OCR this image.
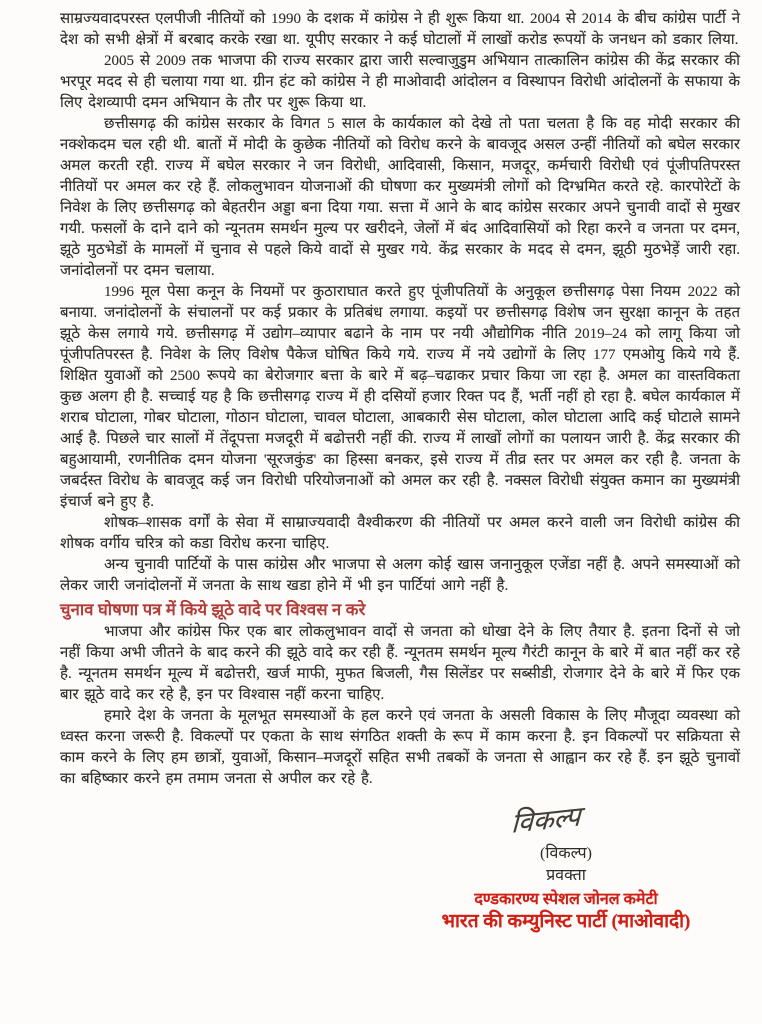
साम्रज्यवादपरस्त एलपीजी नीतियों को 1990 के दशक में कांग्रेस ने ही शुरू किया था. 2004 से 2014 के बीच कांग्रेस पार्टी ने देश को सभी क्षेत्रों में बरबाद करके रखा था. यूपीए सरकार ने कई घोटालों में लाखों करोड रूपयों के जनधन को डकार लिया.

2005 से 2009 तक भाजपा की राज्य सरकार द्वारा जारी सल्वाजुडुम अभियान तात्कालिन कांग्रेस की केंद्र सरकार की भरपूर मदद से ही चलाया गया था. ग्रीन हंट को कांग्रेस ने ही माओवादी आंदोलन व विस्थापन विरोधी आंदोलनों के सफाया के लिए देशव्यापी दमन अभियान के तौर पर शुरू किया था.

छत्तीसगढ़ की कांग्रेस सरकार के विगत 5 साल के कार्यकाल को देखे तो पता चलता है कि वह मोदी सरकार की नक्शेकदम चल रही थी. बातों में मोदी के कुछेक नीतियों को विरोध करने के बावजूद असल उन्हीं नीतियों को बघेल सरकार अमल करती रही. राज्य में बघेल सरकार ने जन विरोधी, आदिवासी, किसान, मजदूर, कर्मचारी विरोधी एवं पूंजीपतिपरस्त नीतियों पर अमल कर रहे हैं. लोकलुभावन योजनाओं की घोषणा कर मुख्यमंत्री लोगों को दिग्भ्रमित करते रहे. कारपोरेटों के निवेश के लिए छत्तीसगढ़ को बेहतरीन अड्डा बना दिया गया. सत्ता में आने के बाद कांग्रेस सरकार अपने चुनावी वादों से मुखर गयी. फसलों के दाने दाने को न्यूनतम समर्थन मुल्य पर खरीदने, जेलों में बंद आदिवासियों को रिहा करने व जनता पर दमन, झूठे मुठभेडों के मामलों में चुनाव से पहले किये वादों से मुखर गये. केंद्र सरकार के मदद से दमन, झूठी मुठभेड़ें जारी रहा. जनांदोलनों पर दमन चलाया.

1996 मूल पेसा कनून के नियमों पर कुठाराघात करते हुए पूंजीपतियों के अनुकूल छत्तीसगढ़ पेसा नियम 2022 को बनाया. जनांदोलनों के संचालनों पर कई प्रकार के प्रतिबंध लगाया. कइयों पर छत्तीसगढ़ विशेष जन सुरक्षा कानून के तहत झूठे केस लगाये गये. छत्तीसगढ़ में उद्योग–व्यापार बढाने के नाम पर नयी औद्योगिक नीति 2019–24 को लागू किया जो पूंजीपतिपरस्त है. निवेश के लिए विशेष पैकेज घोषित किये गये. राज्य में नये उद्योगों के लिए 177 एमओयु किये गये हैं. शिक्षित युवाओं को 2500 रूपये का बेरोजगार बत्ता के बारे में बढ़–चढाकर प्रचार किया जा रहा है. अमल का वास्तविकता कुछ अलग ही है. सच्चाई यह है कि छत्तीसगढ़ राज्य में ही दसियों हजार रिक्त पद हैं, भर्ती नहीं हो रहा है. बघेल कार्यकाल में शराब घोटाला, गोबर घोटाला, गोठान घोटाला, चावल घोटाला, आबकारी सेस घोटाला, कोल घोटाला आदि कई घोटाले सामने आई है. पिछले चार सालों में तेंदूपत्ता मजदूरी में बढोत्तरी नहीं की. राज्य में लाखों लोगों का पलायन जारी है. केंद्र सरकार की बहुआयामी, रणनीतिक दमन योजना 'सूरजकुंड' का हिस्सा बनकर, इसे राज्य में तीव्र स्तर पर अमल कर रही है. जनता के जबर्दस्त विरोध के बावजूद कई जन विरोधी परियोजनाओं को अमल कर रही है. नक्सल विरोधी संयुक्त कमान का मुख्यमंत्री इंचार्ज बने हुए है.

शोषक–शासक वर्गों के सेवा में साम्राज्यवादी वैश्वीकरण की नीतियों पर अमल करने वाली जन विरोधी कांग्रेस की शोषक वर्गीय चरित्र को कडा विरोध करना चाहिए.

अन्य चुनावी पार्टियों के पास कांग्रेस और भाजपा से अलग कोई खास जनानुकूल एजेंडा नहीं है. अपने समस्याओं को लेकर जारी जनांदोलनों में जनता के साथ खडा होने में भी इन पार्टियां आगे नहीं है.

चुनाव घोषणा पत्र में किये झूठे वादे पर विश्वस न करे

भाजपा और कांग्रेस फिर एक बार लोकलुभावन वादों से जनता को धोखा देने के लिए तैयार है. इतना दिनों से जो नहीं किया अभी जीतने के बाद करने की झूठे वादे कर रही हैं. न्यूनतम समर्थन मूल्य गैरंटी कानून के बारे में बात नहीं कर रहे है. न्यूनतम समर्थन मूल्य में बढोत्तरी, खर्ज माफी, मुफत बिजली, गैस सिलेंडर पर सब्सीडी, रोजगार देने के बारे में फिर एक बार झूठे वादे कर रहे है, इन पर विश्वास नहीं करना चाहिए.

हमारे देश के जनता के मूलभूत समस्याओं के हल करने एवं जनता के असली विकास के लिए मौजूदा व्यवस्था को ध्वस्त करना जरूरी है. विकल्पों पर एकता के साथ संगठित शक्ती के रूप में काम करना है. इन विकल्पों पर सक्रियता से काम करने के लिए हम छात्रों, युवाओं, किसान–मजदूरों सहित सभी तबकों के जनता से आह्वान कर रहे हैं. इन झूठे चुनावों का बहिष्कार करने हम तमाम जनता से अपील कर रहे है.

विकल्प
(विकल्प)
प्रवक्ता
दण्डकारण्य स्पेशल जोनल कमेटी
भारत की कम्युनिस्ट पार्टी (माओवादी)
